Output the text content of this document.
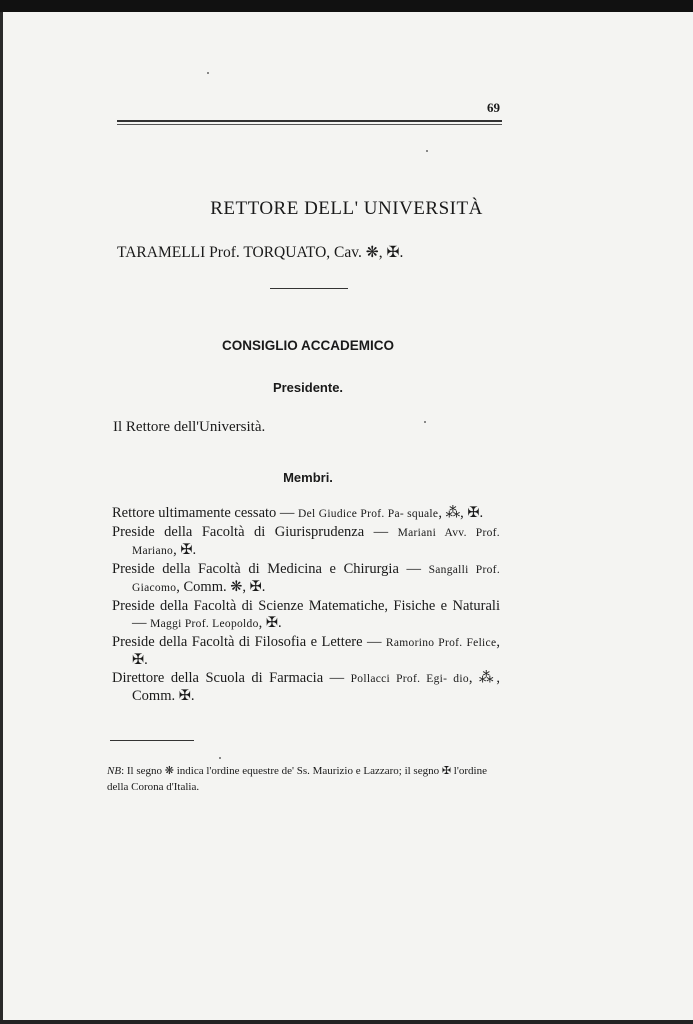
69
RETTORE DELL' UNIVERSITÀ
TARAMELLI Prof. TORQUATO, Cav. ❋, ✠.
CONSIGLIO ACCADEMICO
Presidente.
Il Rettore dell'Università.
Membri.
Rettore ultimamente cessato — Del Giudice Prof. Pa- squale, ⁂, ✠.
Preside della Facoltà di Giurisprudenza — Mariani Avv. Prof. Mariano, ✠.
Preside della Facoltà di Medicina e Chirurgia — Sangalli Prof. Giacomo, Comm. ❋, ✠.
Preside della Facoltà di Scienze Matematiche, Fisiche e Naturali — Maggi Prof. Leopoldo, ✠.
Preside della Facoltà di Filosofia e Lettere — Ramorino Prof. Felice, ✠.
Direttore della Scuola di Farmacia — Pollacci Prof. Egi- dio, ⁂, Comm. ✠.
NB: Il segno ❋ indica l'ordine equestre de' Ss. Maurizio e Lazzaro; il segno ✠ l'ordine della Corona d'Italia.
